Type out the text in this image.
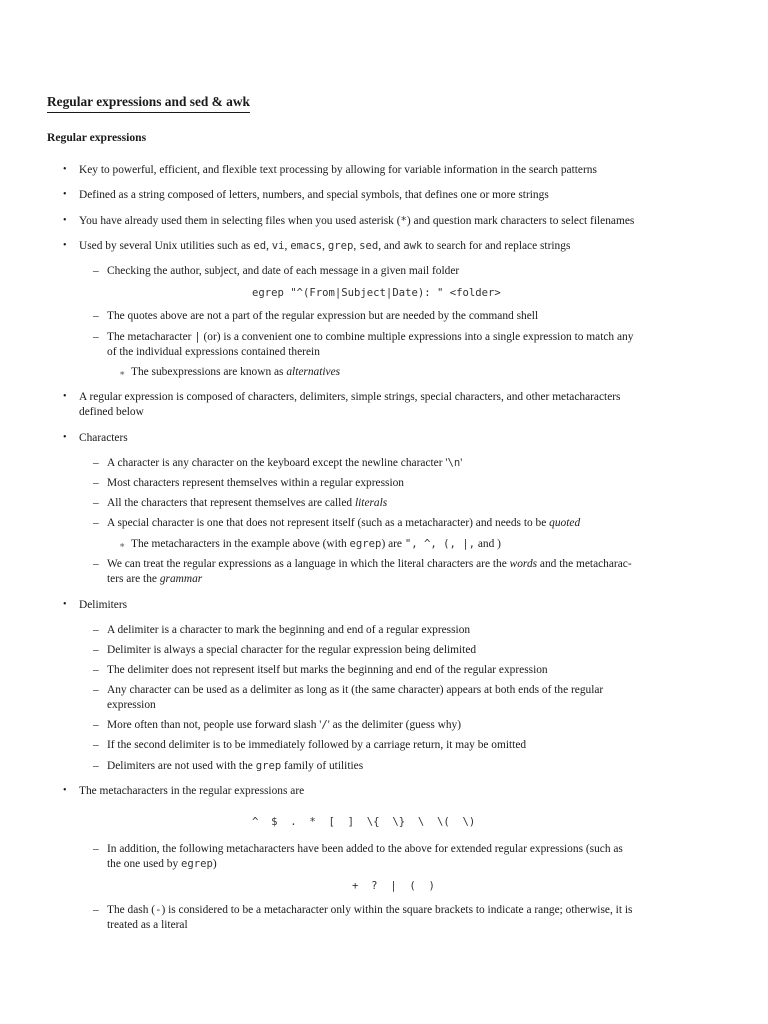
Regular expressions and sed & awk
Regular expressions
• Key to powerful, efficient, and flexible text processing by allowing for variable information in the search patterns
• Defined as a string composed of letters, numbers, and special symbols, that defines one or more strings
• You have already used them in selecting files when you used asterisk (*) and question mark characters to select filenames
• Used by several Unix utilities such as ed, vi, emacs, grep, sed, and awk to search for and replace strings
– Checking the author, subject, and date of each message in a given mail folder
egrep "^(From|Subject|Date): " <folder>
– The quotes above are not a part of the regular expression but are needed by the command shell
– The metacharacter | (or) is a convenient one to combine multiple expressions into a single expression to match any
of the individual expressions contained therein
∗ The subexpressions are known as alternatives
• A regular expression is composed of characters, delimiters, simple strings, special characters, and other metacharacters
defined below
• Characters
– A character is any character on the keyboard except the newline character '\n'
– Most characters represent themselves within a regular expression
– All the characters that represent themselves are called literals
– A special character is one that does not represent itself (such as a metacharacter) and needs to be quoted
∗ The metacharacters in the example above (with egrep) are ", ^, (, |, and )
– We can treat the regular expressions as a language in which the literal characters are the words and the metacharac-
ters are the grammar
• Delimiters
– A delimiter is a character to mark the beginning and end of a regular expression
– Delimiter is always a special character for the regular expression being delimited
– The delimiter does not represent itself but marks the beginning and end of the regular expression
– Any character can be used as a delimiter as long as it (the same character) appears at both ends of the regular
expression
– More often than not, people use forward slash '/' as the delimiter (guess why)
– If the second delimiter is to be immediately followed by a carriage return, it may be omitted
– Delimiters are not used with the grep family of utilities
• The metacharacters in the regular expressions are
^  $  .  *  [  ]  \{  \}  \  \(  \)
– In addition, the following metacharacters have been added to the above for extended regular expressions (such as
the one used by egrep)
+  ?  |  (  )
– The dash (-) is considered to be a metacharacter only within the square brackets to indicate a range; otherwise, it is
treated as a literal
